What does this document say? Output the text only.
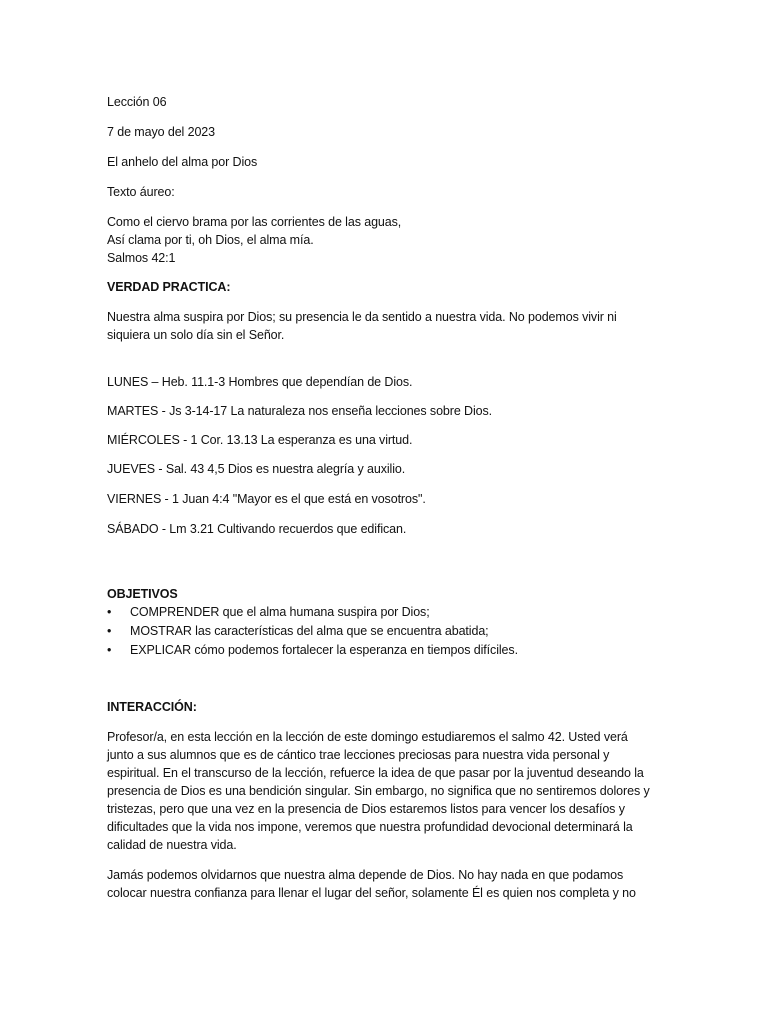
Lección 06

7 de mayo del 2023

El anhelo del alma por Dios

Texto áureo:

Como el ciervo brama por las corrientes de las aguas,

Así clama por ti, oh Dios, el alma mía.

Salmos 42:1

VERDAD PRACTICA:

Nuestra alma suspira por Dios; su presencia le da sentido a nuestra vida. No podemos vivir ni

siquiera un solo día sin el Señor.

LUNES – Heb. 11.1-3 Hombres que dependían de Dios.

MARTES - Js 3-14-17 La naturaleza nos enseña lecciones sobre Dios.

MIÉRCOLES - 1 Cor. 13.13 La esperanza es una virtud.

JUEVES - Sal. 43 4,5 Dios es nuestra alegría y auxilio.

VIERNES - 1 Juan 4:4 "Mayor es el que está en vosotros".

SÁBADO - Lm 3.21 Cultivando recuerdos que edifican.

OBJETIVOS

• COMPRENDER que el alma humana suspira por Dios;
• MOSTRAR las características del alma que se encuentra abatida;
• EXPLICAR cómo podemos fortalecer la esperanza en tiempos difíciles.

INTERACCIÓN:

Profesor/a, en esta lección en la lección de este domingo estudiaremos el salmo 42. Usted verá

junto a sus alumnos que es de cántico trae lecciones preciosas para nuestra vida personal y

espiritual. En el transcurso de la lección, refuerce la idea de que pasar por la juventud deseando la

presencia de Dios es una bendición singular. Sin embargo, no significa que no sentiremos dolores y

tristezas, pero que una vez en la presencia de Dios estaremos listos para vencer los desafíos y

dificultades que la vida nos impone, veremos que nuestra profundidad devocional determinará la

calidad de nuestra vida.

Jamás podemos olvidarnos que nuestra alma depende de Dios. No hay nada en que podamos

colocar nuestra confianza para llenar el lugar del señor, solamente Él es quien nos completa y no
